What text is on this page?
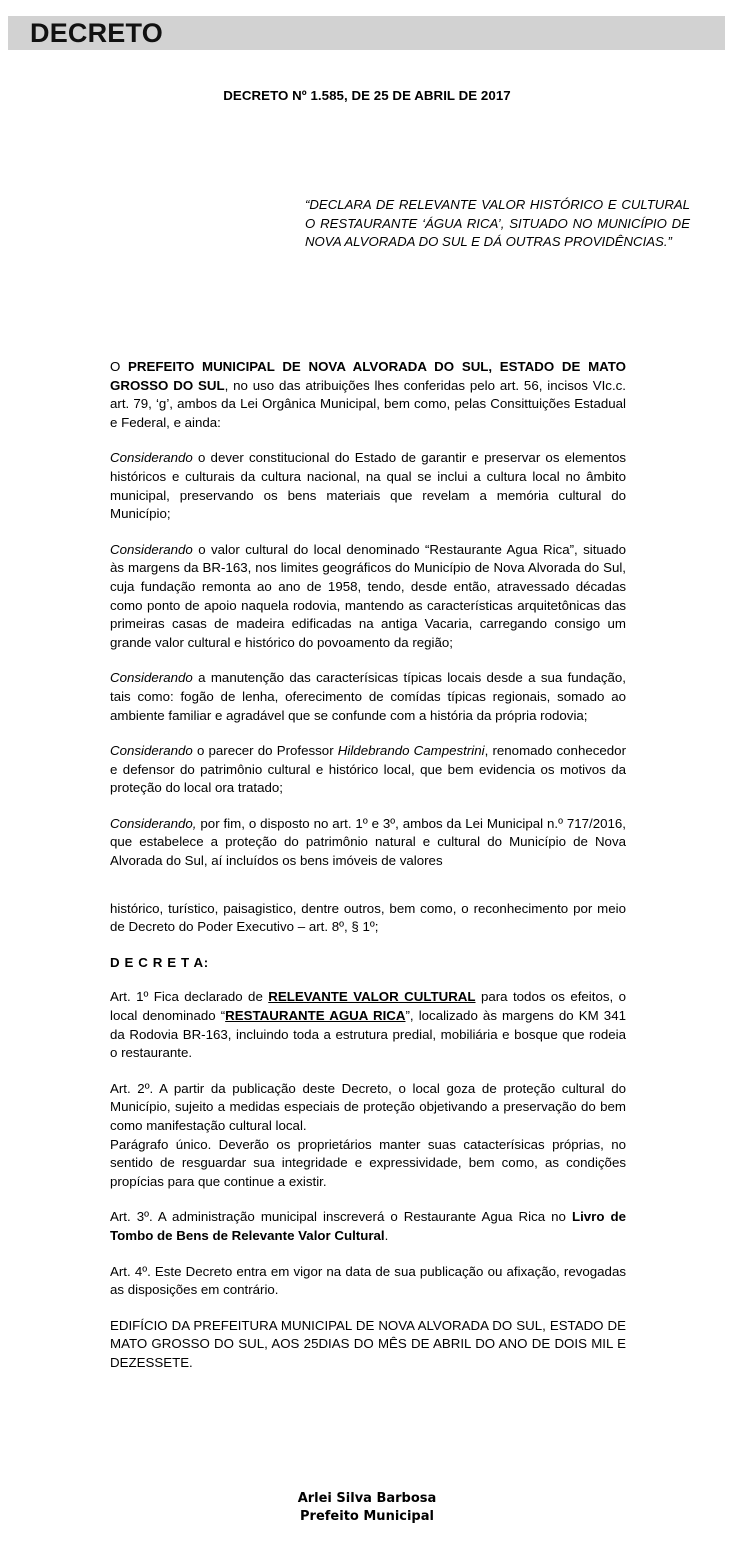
DECRETO
DECRETO Nº 1.585, DE 25 DE ABRIL DE 2017
“DECLARA DE RELEVANTE VALOR HISTÓRICO E CULTURAL O RESTAURANTE ‘ÁGUA RICA’, SITUADO NO MUNICÍPIO DE NOVA ALVORADA DO SUL E DÁ OUTRAS PROVIDÊNCIAS.”

O PREFEITO MUNICIPAL DE NOVA ALVORADA DO SUL, ESTADO DE MATO GROSSO DO SUL, no uso das atribuições lhes conferidas pelo art. 56, incisos VIc.c. art. 79, ‘g’, ambos da Lei Orgânica Municipal, bem como, pelas Consittuições Estadual e Federal, e ainda:

Considerando o dever constitucional do Estado de garantir e preservar os elementos históricos e culturais da cultura nacional, na qual se inclui a cultura local no âmbito municipal, preservando os bens materiais que revelam a memória cultural do Município;

Considerando o valor cultural do local denominado “Restaurante Agua Rica”, situado às margens da BR-163, nos limites geográficos do Município de Nova Alvorada do Sul, cuja fundação remonta ao ano de 1958, tendo, desde então, atravessado décadas como ponto de apoio naquela rodovia, mantendo as características arquitetônicas das primeiras casas de madeira edificadas na antiga Vacaria, carregando consigo um grande valor cultural e histórico do povoamento da região;

Considerando a manutenção das caracterísicas típicas locais desde a sua fundação, tais como: fogão de lenha, oferecimento de comídas típicas regionais, somado ao ambiente familiar e agradável que se confunde com a história da própria rodovia;

Considerando o parecer do Professor Hildebrando Campestrini, renomado conhecedor e defensor do patrimônio cultural e histórico local, que bem evidencia os motivos da proteção do local ora tratado;

Considerando, por fim, o disposto no art. 1º e 3º, ambos da Lei Municipal n.º 717/2016, que estabelece a proteção do patrimônio natural e cultural do Município de Nova Alvorada do Sul, aí incluídos os bens imóveis de valores

histórico, turístico, paisagistico, dentre outros, bem como, o reconhecimento por meio de Decreto do Poder Executivo – art. 8º, § 1º;

D E C R E T A:

Art. 1º Fica declarado de RELEVANTE VALOR CULTURAL para todos os efeitos, o local denominado “RESTAURANTE AGUA RICA”, localizado às margens do KM 341 da Rodovia BR-163, incluindo toda a estrutura predial, mobiliária e bosque que rodeia o restaurante.

Art. 2º. A partir da publicação deste Decreto, o local goza de proteção cultural do Município, sujeito a medidas especiais de proteção objetivando a preservação do bem como manifestação cultural local.

Parágrafo único. Deverão os proprietários manter suas catacterísicas próprias, no sentido de resguardar sua integridade e expressividade, bem como, as condições propícias para que continue a existir.

Art. 3º. A administração municipal inscreverá o Restaurante Agua Rica no Livro de Tombo de Bens de Relevante Valor Cultural.

Art. 4º. Este Decreto entra em vigor na data de sua publicação ou afixação, revogadas as disposições em contrário.

EDIFÍCIO DA PREFEITURA MUNICIPAL DE NOVA ALVORADA DO SUL, ESTADO DE MATO GROSSO DO SUL, AOS 25DIAS DO MÊS DE ABRIL DO ANO DE DOIS MIL E DEZESSETE.

Arlei Silva Barbosa
Prefeito Municipal
